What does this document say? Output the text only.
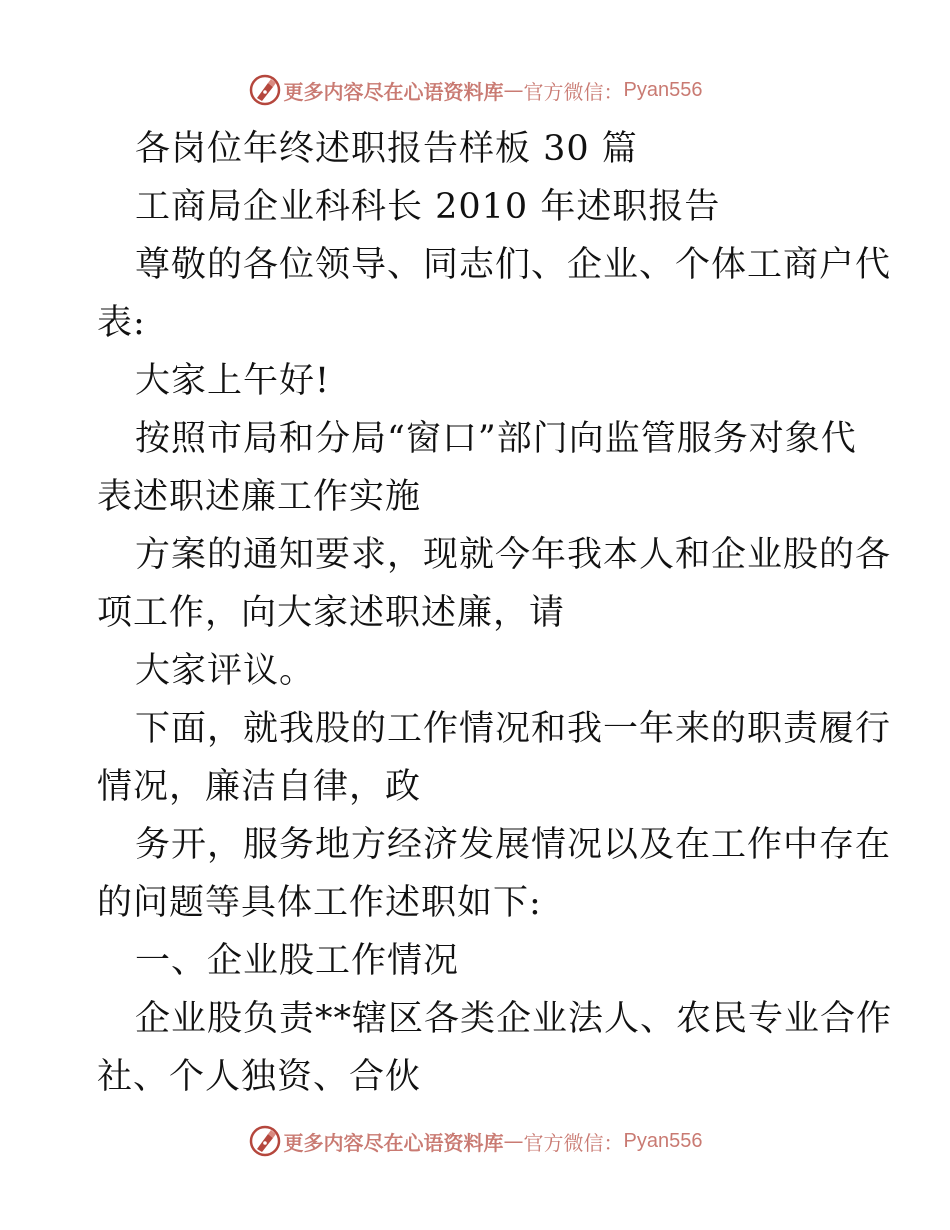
更多内容尽在心语资料库 — 官方微信： Pyan556
各岗位年终述职报告样板 30 篇
工商局企业科科长 2010 年述职报告
尊敬的各位领导、同志们、企业、个体工商户代
表:
大家上午好!
按照市局和分局“窗口”部门向监管服务对象代
表述职述廉工作实施
方案的通知要求，现就今年我本人和企业股的各
项工作，向大家述职述廉，请
大家评议。
下面，就我股的工作情况和我一年来的职责履行
情况，廉洁自律，政
务开，服务地方经济发展情况以及在工作中存在
的问题等具体工作述职如下:
一、企业股工作情况
企业股负责**辖区各类企业法人、农民专业合作
社、个人独资、合伙
更多内容尽在心语资料库 — 官方微信： Pyan556
